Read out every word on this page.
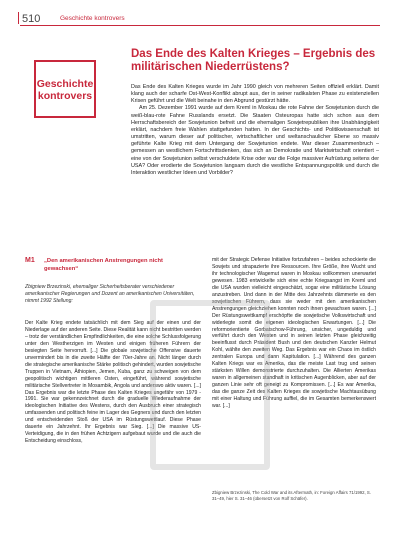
510	Geschichte kontrovers
Geschichte kontrovers
Das Ende des Kalten Krieges – Ergebnis des militärischen Niederrüstens?

Das Ende des Kalten Krieges wurde im Jahr 1990 gleich von mehreren Seiten offiziell erklärt. Damit klang auch der scharfe Ost-West-Konflikt abrupt aus, der in seiner radikalsten Phase zu existenziellen Krisen geführt und die Welt beinahe in den Abgrund gestürzt hätte.

Am 25. Dezember 1991 wurde auf dem Kreml in Moskau die rote Fahne der Sowjetunion durch die weiß-blau-rote Fahne Russlands ersetzt. Die Staaten Osteuropas hatte sich schon aus dem Herrschaftsbereich der Sowjetunion befreit und die ehemaligen Sowjetrepubliken ihre Unabhängigkeit erklärt, nachdem freie Wahlen stattgefunden hatten. In der Geschichts- und Politikwissenschaft ist umstritten, warum dieser auf politischer, wirtschaftlicher und weltanschaulicher Ebene so massiv geführte Kalte Krieg mit dem Untergang der Sowjetunion endete. War dieser Zusammenbruch – gemessen an westlichem Fortschrittsdenken, das sich an Demokratie und Marktwirtschaft orientiert – eine von der Sowjetunion selbst verschuldete Krise oder war die Folge massiver Aufrüstung seitens der USA? Oder erodierte die Sowjetunion langsam durch die westliche Entspannungspolitik und durch die Interaktion westlicher Ideen und Vorbilder?

M1 „Den amerikanischen Anstrengungen nicht gewachsen“
Zbigniew Brzezinski, ehemaliger Sicherheitsberater verschiedener amerikanischer Regierungen und Dozent an amerikanischen Universitäten, nimmt 1992 Stellung:

Der Kalte Krieg endete tatsächlich mit dem Sieg auf der einen und der Niederlage auf der anderen Seite. Diese Realität kann nicht bestritten werden – trotz der verständlichen Empfindlichkeiten, die eine solche Schlussfolgerung unter den Westherzigen im Westen und einigen früheren Führern der besiegten Seite hervorruft. [...] Die globale sowjetische Offensive dauerte unvermindert bis in die zweite Hälfte der 70er-Jahre an. Nicht länger durch die strategische amerikanische Stärke politisch gehindert, wurden sowjetische Truppen in Vietnam, Äthiopien, Jemen, Kuba, ganz zu schweigen von dem geopolitisch wichtigen mittleren Osten, eingeführt, während sowjetische militärische Stellvertreter in Mosambik, Angola und anderswo aktiv waren. [...] Das Ergebnis war die letzte Phase des Kalten Krieges ungefähr von 1979 - 1991. Sie war gekennzeichnet durch die graduelle Wiederaufnahme der ideologischen Initiative des Westens, durch den Ausbruch einer strategisch umfassenden und politisch feine im Lager des Gegners und durch den letzten und entscheidenden Stoß der USA im Rüstungswettlauf. Diese Phase dauerte ein Jahrzehnt. Ihr Ergebnis war Sieg. [...] Die massive US-Verteidigung, die in den frühen Achtzigern aufgebaut wurde und die auch die Entscheidung einschloss,

mit der Strategic Defense Initiative fortzufahren – beides schockierte die Sowjets und strapazierte ihre Ressourcen. Ihre Größe, ihre Wucht und ihr technologischer Wagemut waren in Moskau vollkommen unerwartet gewesen. 1983 entwickelte sich eine echte Kriegsangst im Kreml und die USA wurden vielleicht eingeschätzt, sogar eine militärische Lösung anzustreben. Und dann in der Mitte des Jahrzehnts dämmerte es den sowjetischen Führern, dass sie weder mit den amerikanischen Anstrengungen gleichziehen konnten noch ihnen gewachsen waren. [...] Der Rüstungswettkampf erschöpfte die sowjetische Volkswirtschaft und widerlegte somit die eigenen ideologischen Erwartungen. [...] Die reformorientierte Gorbatschow-Führung, unsicher, ungeduldig und verführt durch den Westen und in seinen letzten Phase gleichzeitig beeinflusst durch Präsident Bush und den deutschen Kanzler Helmut Kohl, wählte den zweiten Weg. Das Ergebnis war ein Chaos im östlich zentralen Europa und dann Kapitulation. [...] Während des ganzen Kalten Kriegs war es Amerika, das die meiste Last trug und seinen stärksten Willen demonstrierte durchzuhalten. Die Allierten Amerikas waren in allgemeinen standhaft in kritischen Augenblicken, aber auf der ganzen Linie sehr oft geneigt zu Kompromissen. [...] Es war Amerika, das die ganze Zeit des Kalten Krieges die sowjetische Machtausübung mit einer Haltung und Führung auffiel, die im Gesamten bemerkenswert war. [...]

Zbigniew Brzezinski, The Cold War and its Aftermath, in: Foreign Affairs 71/1992, S. 31–49, hier S. 31–46 (übersetzt von Rolf Schäfer).
